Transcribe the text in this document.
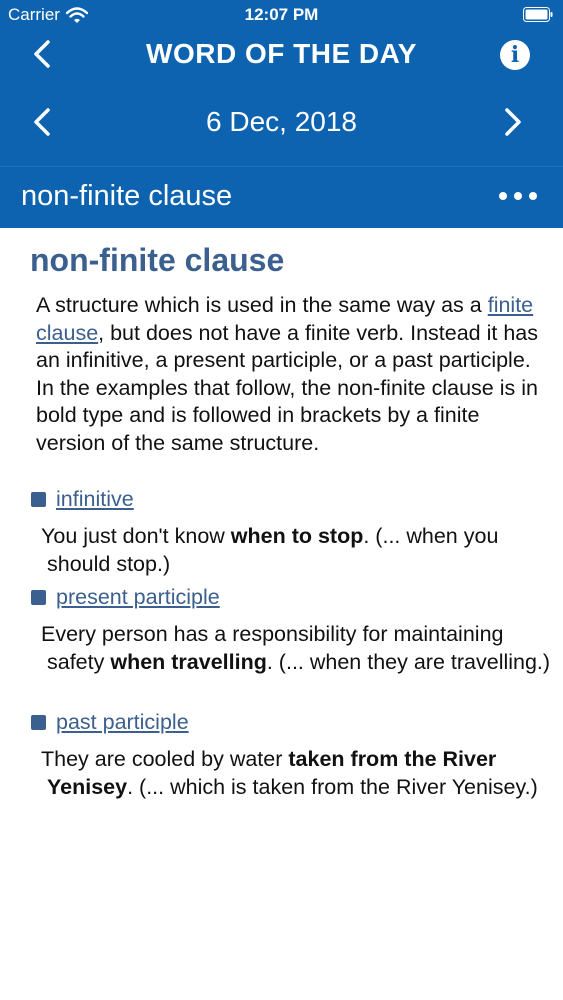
Carrier	12:07 PM
WORD OF THE DAY	i
6 Dec, 2018
non-finite clause
non-finite clause

A structure which is used in the same way as a finite clause, but does not have a finite verb. Instead it has an infinitive, a present participle, or a past participle. In the examples that follow, the non-finite clause is in bold type and is followed in brackets by a finite version of the same structure.

infinitive

You just don't know when to stop. (... when you should stop.)

present participle

Every person has a responsibility for maintaining safety when travelling. (... when they are travelling.)

past participle

They are cooled by water taken from the River Yenisey. (... which is taken from the River Yenisey.)
